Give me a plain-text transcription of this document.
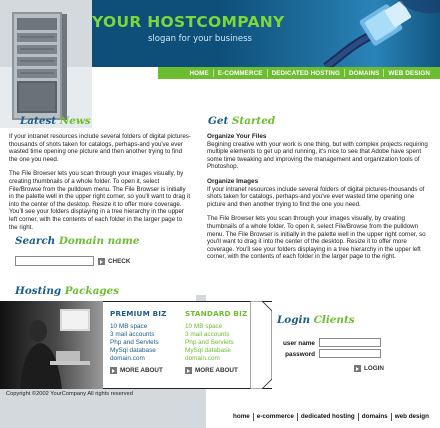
YOUR HOSTCOMPANY
slogan for your business
HOME	E-COMMERCE	DEDICATED HOSTING	DOMAINS	WEB DESIGN
Latest News

If your intranet resources include several folders of digital pictures-thousands of shots taken for catalogs, perhaps-and you've ever wasted time opening one picture and then another trying to find the one you need.

The File Browser lets you scan through your images visually, by creating thumbnails of a whole folder. To open it, select File/Browse from the pulldown menu. The File Browser is initially in the palette well in the upper right corner, so you'll want to drag it into the center of the desktop. Resize it to offer more coverage. You'll see your folders displaying in a tree hierarchy in the upper left corner, with the contents of each folder in the larger page to the right.

Search Domain name
CHECK
Hosting Packages
PREMIUM BIZ	STANDARD BIZ
10 MB space
3 mail accounts
Php and Servlets
MySql database
domain.com
10 MB space
3 mail accounts
Php and Servlets
MySql database
domain.com
MORE ABOUT	MORE ABOUT
Get Started
Organize Your Files

Begining creative with your work is one thing, but with complex projects requiring multiple elements to get up and running, it's nice to see that Adobe have spent some time tweaking and improving the management and organization tools of Photoshop.

Organize Images

If your intranet resources include several folders of digital pictures-thousands of shots taken for catalogs, perhaps-and you've ever wasted time opening one picture and then another trying to find the one you need.

The File Browser lets you scan through your images visually, by creating thumbnails of a whole folder. To open it, select File/Browse from the pulldown menu. The File Browser is initially in the palette well in the upper right corner, so you'll want to drag it into the center of the desktop. Resize it to offer more coverage. You'll see your folders displaying in a tree hierarchy in the upper left corner, with the contents of each folder in the larger page to the right.

Login Clients
user name
password
LOGIN
Copyright ©2002 YourCompany All rights reserved
home	e-commerce	dedicated hosting	domains	web design
